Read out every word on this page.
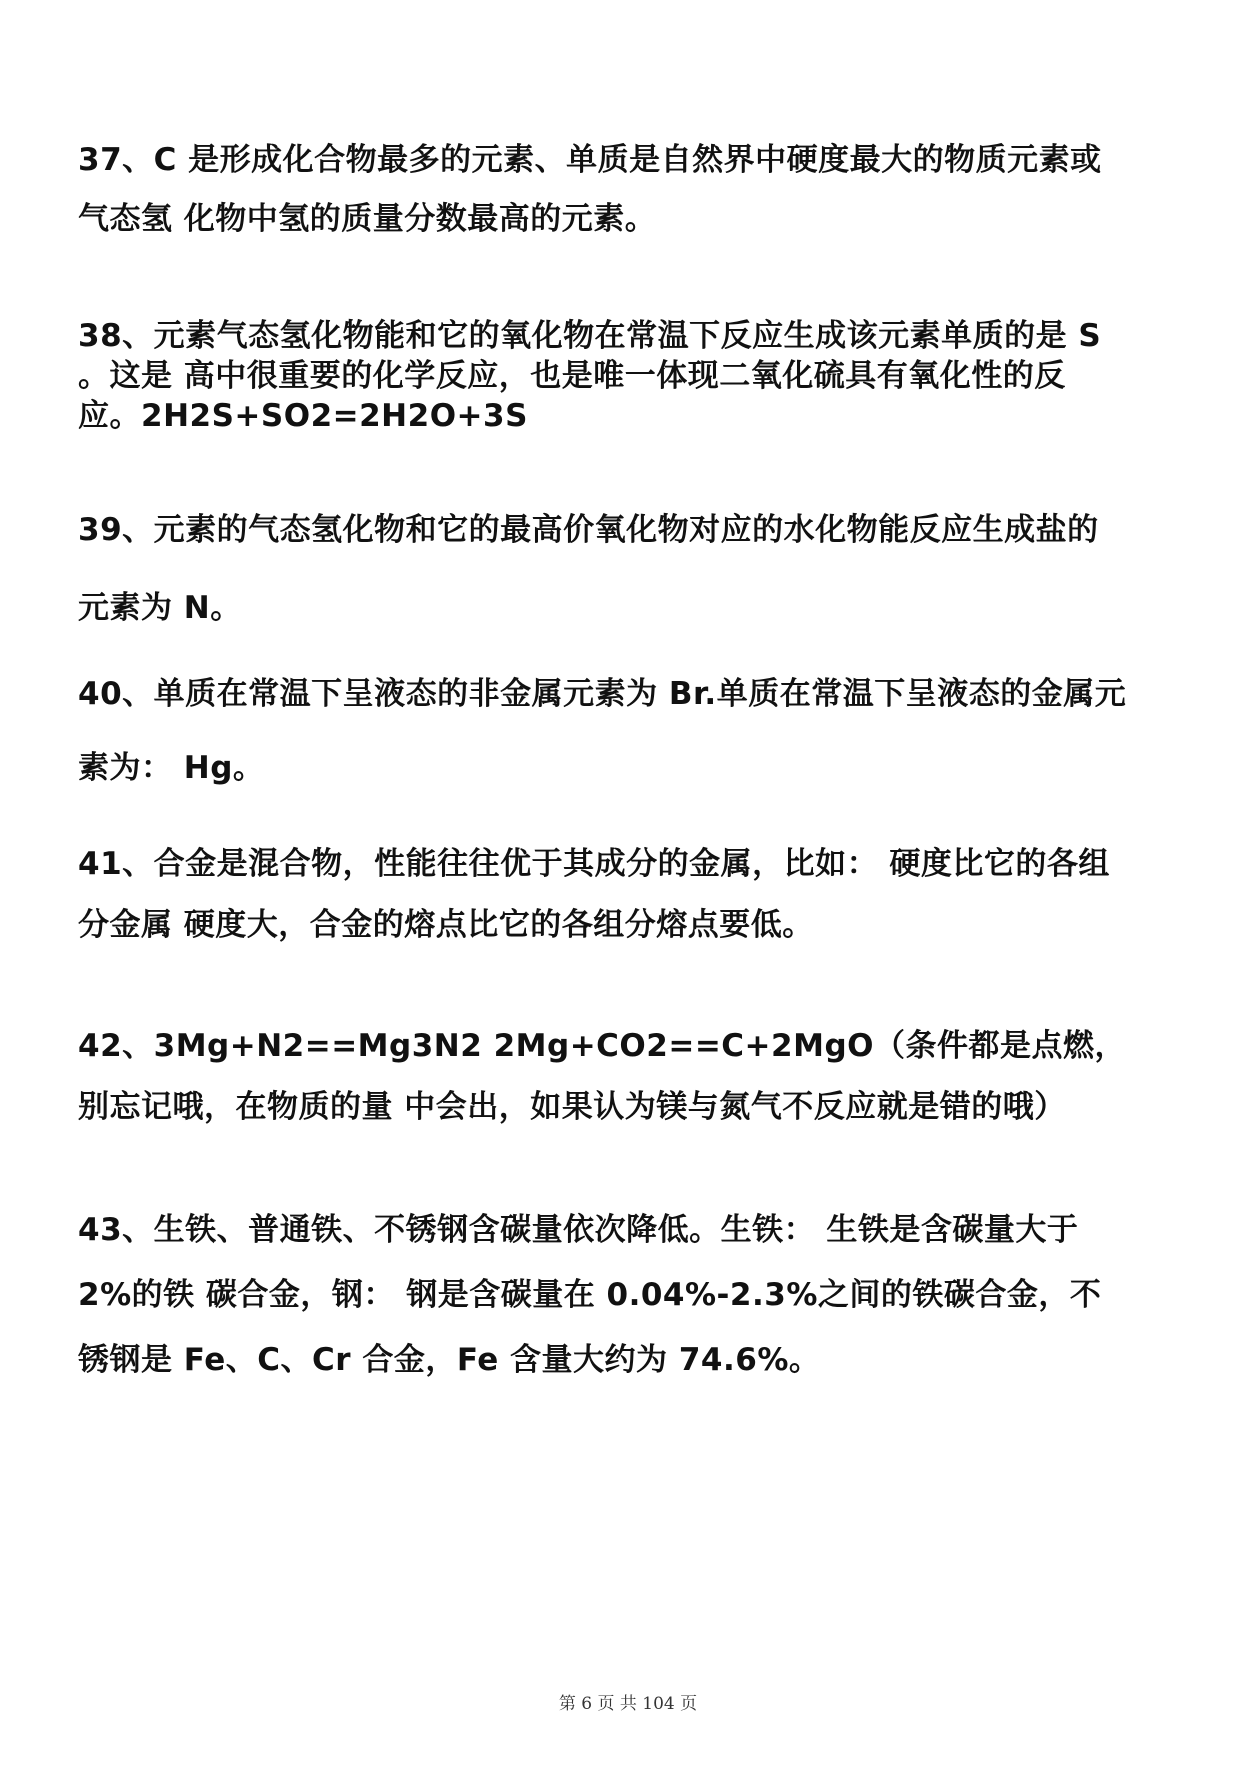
37、C 是形成化合物最多的元素、单质是自然界中硬度最大的物质元素或
气态氢 化物中氢的质量分数最高的元素。
38、元素气态氢化物能和它的氧化物在常温下反应生成该元素单质的是 S
。这是 高中很重要的化学反应，也是唯一体现二氧化硫具有氧化性的反
应。2H2S+SO2=2H2O+3S
39、元素的气态氢化物和它的最高价氧化物对应的水化物能反应生成盐的
元素为 N。
40、单质在常温下呈液态的非金属元素为 Br.单质在常温下呈液态的金属元
素为： Hg。
41、合金是混合物，性能往往优于其成分的金属，比如： 硬度比它的各组
分金属 硬度大，合金的熔点比它的各组分熔点要低。
42、3Mg+N2==Mg3N2 2Mg+CO2==C+2MgO（条件都是点燃，
别忘记哦，在物质的量 中会出，如果认为镁与氮气不反应就是错的哦）
43、生铁、普通铁、不锈钢含碳量依次降低。生铁： 生铁是含碳量大于
2%的铁 碳合金，钢： 钢是含碳量在 0.04%-2.3%之间的铁碳合金，不
锈钢是 Fe、C、Cr 合金，Fe 含量大约为 74.6%。
第 6 页 共 104 页
